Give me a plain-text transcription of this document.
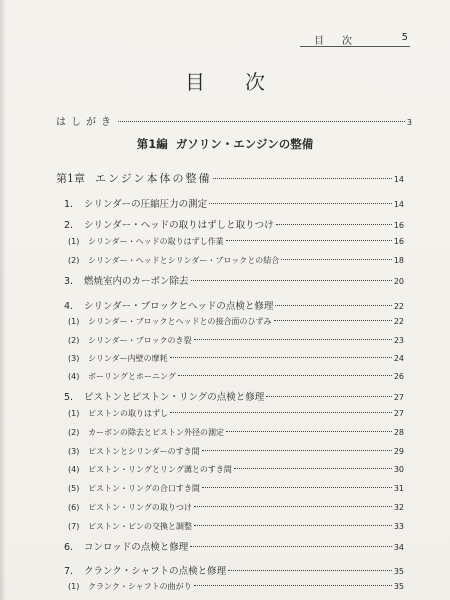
目次	5
目次
はしがき	3
第1編 ガソリン・エンジンの整備
第1章 エンジン本体の整備	14
1.	シリンダーの圧縮圧力の測定	14
2.	シリンダー・ヘッドの取りはずしと取りつけ	16
(1)	シリンダー・ヘッドの取りはずし作業	16
(2)	シリンダー・ヘッドとシリンダー・ブロックとの結合	18
3.	燃焼室内のカーボン除去	20
4.	シリンダー・ブロックとヘッドの点検と修理	22
(1)	シリンダー・ブロックとヘッドとの接合面のひずみ	22
(2)	シリンダー・ブロックのき裂	23
(3)	シリンダー内壁の摩耗	24
(4)	ボーリングとホーニング	26
5.	ピストンとピストン・リングの点検と修理	27
(1)	ピストンの取りはずし	27
(2)	カーボンの除去とピストン外径の測定	28
(3)	ピストンとシリンダーのすき間	29
(4)	ピストン・リングとリング溝とのすき間	30
(5)	ピストン・リングの合口すき間	31
(6)	ピストン・リングの取りつけ	32
(7)	ピストン・ピンの交換と調整	33
6.	コンロッドの点検と修理	34
7.	クランク・シャフトの点検と修理	35
(1)	クランク・シャフトの曲がり	35
